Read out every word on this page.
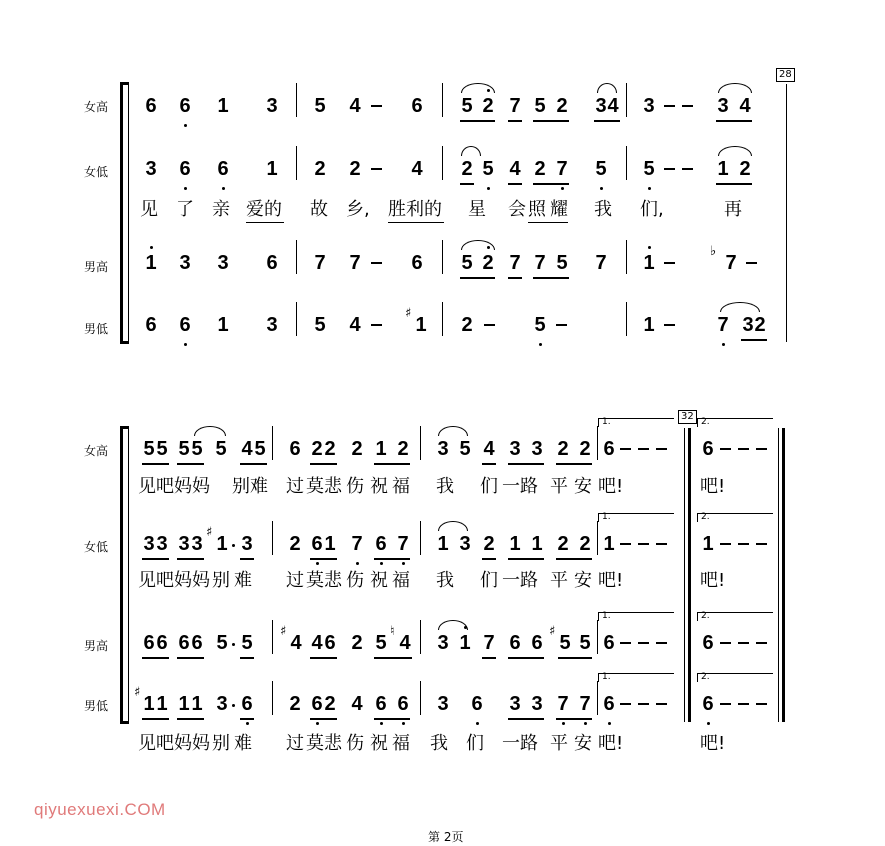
女高
女低
男高
男低
28
6 6 1 3 5 4	6 5 2 7 5 2 3 4 3	3 4
3 6 6 1 2 2	4 2 5 4 2 7 5 5	1 2
见 了 亲 爱的 故 乡, 胜利的 星 会 照 耀 我 们,	再
1 3 3 6 7 7	6 5 2 7 7 5 7 1
♭
7
6 6 1 3 5 4
♯
1 2	5	1	7 3 2
女高
女低
男高
男低
32
1.	2.
1.	2.
1.	2.
1.	2.
5 5 5 5 5 4 5 6 2 2 2 1 2 3 5 4 3 3 2 2 6	6
见吧 妈妈 别难 过 莫悲 伤 祝 福 我 们 一路 平 安 吧!	吧!
3 3 3 3
♯
1 3 2 6 1 7 6 7 1 3 2 1 1 2 2 1	1
见吧 妈妈 别 难 过 莫悲 伤 祝 福 我 们 一路 平 安 吧!	吧!
6 6 6 6 5 5
♯
4 4 6 2 5
♮
4 3 1 7 6 6
♯
5 5 6	6
♯
1 1 1 1 3 6 2 6 2 4 6 6 3 6 3 3 7 7 6	6
见吧 妈妈 别 难 过 莫悲 伤 祝 福 我 们 一路 平 安 吧!	吧!
qiyuexuexi.COM
第 2页
